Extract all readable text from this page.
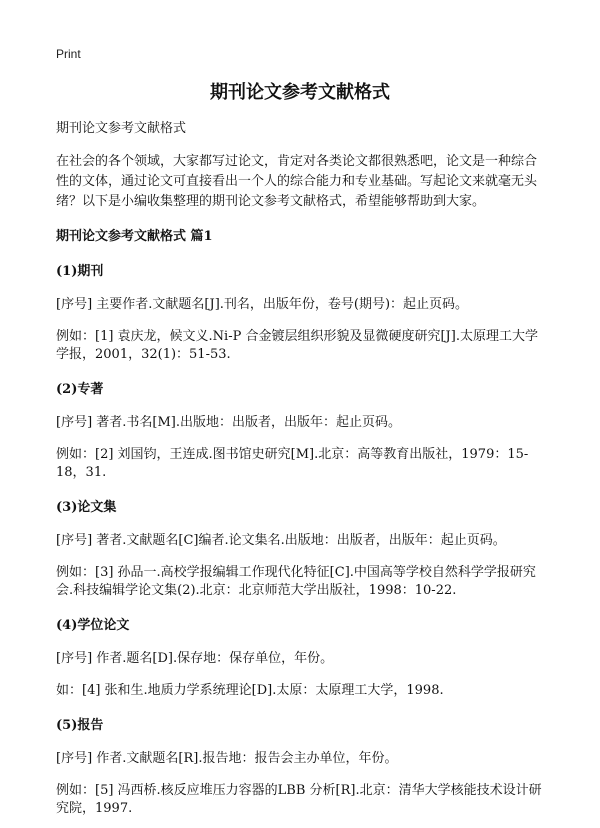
Print
期刊论文参考文献格式
期刊论文参考文献格式
在社会的各个领域，大家都写过论文，肯定对各类论文都很熟悉吧，论文是一种综合性的文体，通过论文可直接看出一个人的综合能力和专业基础。写起论文来就毫无头绪？以下是小编收集整理的期刊论文参考文献格式，希望能够帮助到大家。
期刊论文参考文献格式 篇1
(1)期刊
[序号] 主要作者.文献题名[J].刊名，出版年份，卷号(期号)：起止页码。
例如：[1] 袁庆龙，候文义.Ni-P 合金镀层组织形貌及显微硬度研究[J].太原理工大学学报，2001，32(1)：51-53.
(2)专著
[序号] 著者.书名[M].出版地：出版者，出版年：起止页码。
例如：[2] 刘国钧，王连成.图书馆史研究[M].北京：高等教育出版社，1979：15-18，31.
(3)论文集
[序号] 著者.文献题名[C]编者.论文集名.出版地：出版者，出版年：起止页码。
例如：[3] 孙品一.高校学报编辑工作现代化特征[C].中国高等学校自然科学学报研究会.科技编辑学论文集(2).北京：北京师范大学出版社，1998：10-22.
(4)学位论文
[序号] 作者.题名[D].保存地：保存单位，年份。
如：[4] 张和生.地质力学系统理论[D].太原：太原理工大学，1998.
(5)报告
[序号] 作者.文献题名[R].报告地：报告会主办单位，年份。
例如：[5] 冯西桥.核反应堆压力容器的LBB 分析[R].北京：清华大学核能技术设计研究院，1997.
